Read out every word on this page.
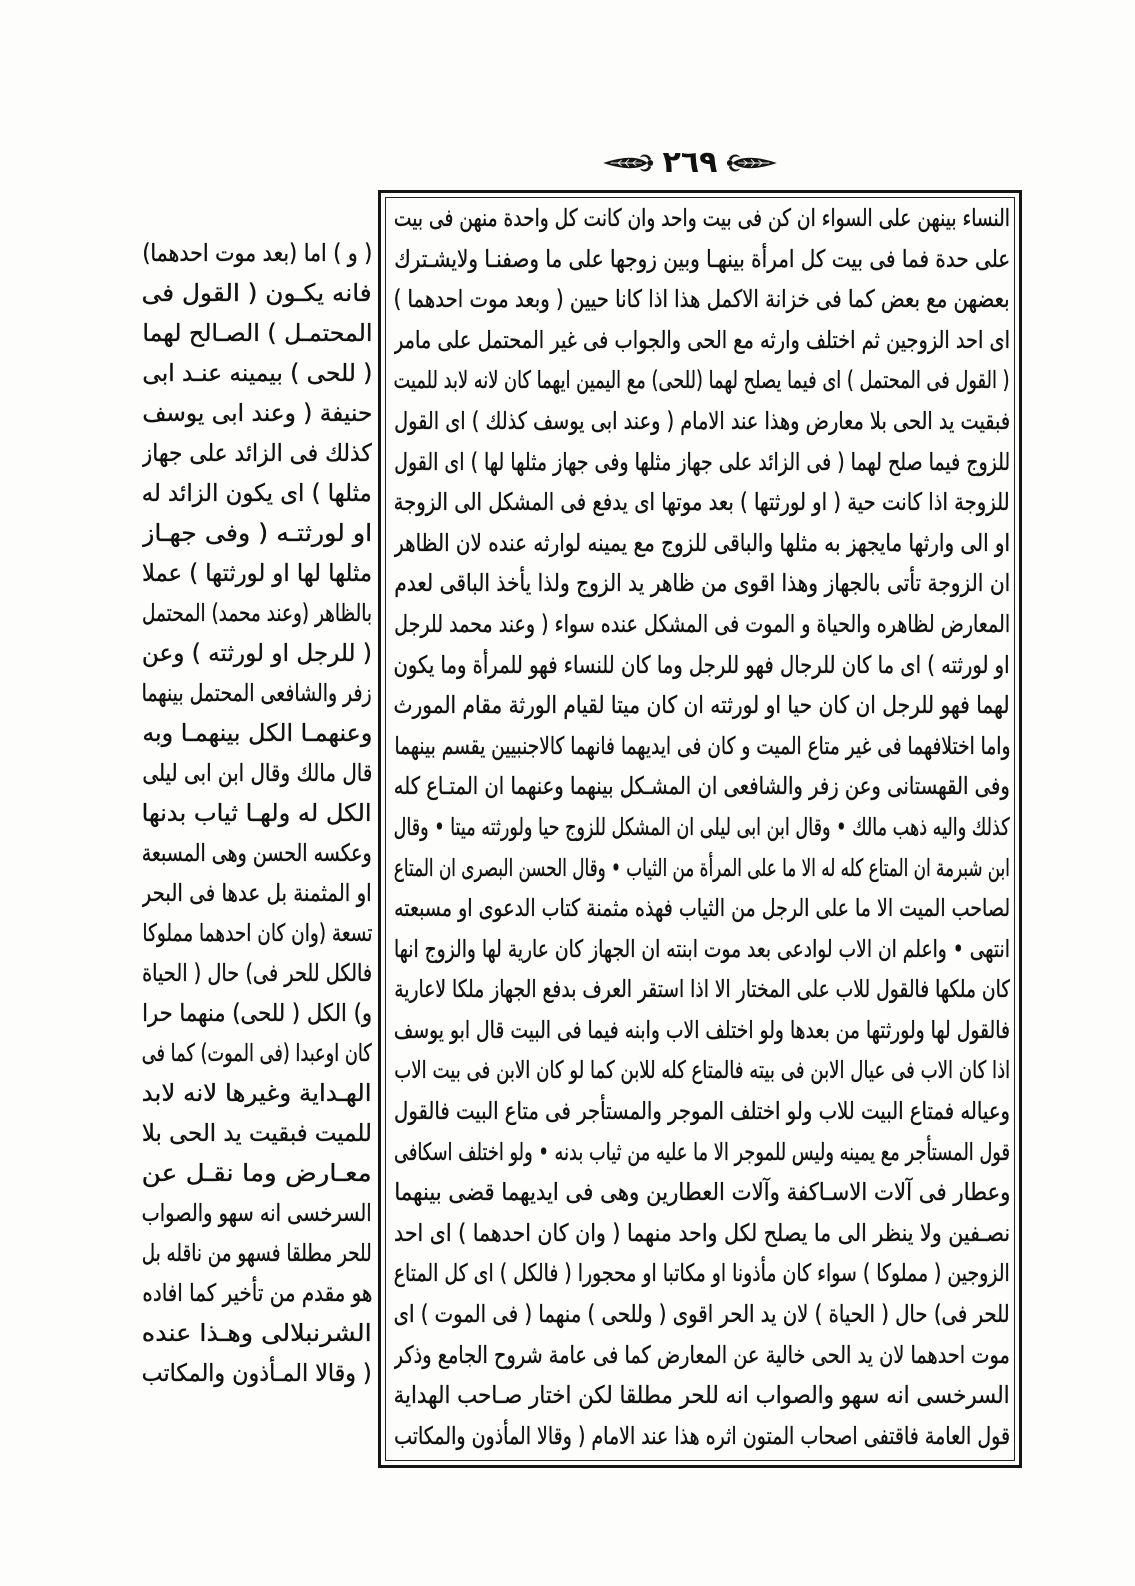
٢٦٩
النساء بينهن على السواء ان كن فى بيت واحد وان كانت كل واحدة منهن فى بيت
على حدة فما فى بيت كل امرأة بينهـا وبين زوجها على ما وصفنـا ولايشـترك
بعضهن مع بعض كما فى خزانة الاكمل هذا اذا كانا حيين ( وبعد موت احدهما )
اى احد الزوجين ثم اختلف وارثه مع الحى والجواب فى غير المحتمل على مامر
( القول فى المحتمل ) اى فيما يصلح لهما (للحى) مع اليمين ايهما كان لانه لابد للميت
فبقيت يد الحى بلا معارض وهذا عند الامام ( وعند ابى يوسف كذلك ) اى القول
للزوج فيما صلح لهما ( فى الزائد على جهاز مثلها وفى جهاز مثلها لها ) اى القول
للزوجة اذا كانت حية ( او لورثتها ) بعد موتها اى يدفع فى المشكل الى الزوجة
او الى وارثها مايجهز به مثلها والباقى للزوج مع يمينه لوارثه عنده لان الظاهر
ان الزوجة تأتى بالجهاز وهذا اقوى من ظاهر يد الزوج ولذا يأخذ الباقى لعدم
المعارض لظاهره والحياة و الموت فى المشكل عنده سواء ( وعند محمد للرجل
او لورثته ) اى ما كان للرجال فهو للرجل وما كان للنساء فهو للمرأة وما يكون
لهما فهو للرجل ان كان حيا او لورثته ان كان ميتا لقيام الورثة مقام المورث
واما اختلافهما فى غير متاع الميت و كان فى ايديهما فانهما كالاجنبيين يقسم بينهما
وفى القهستانى وعن زفر والشافعى ان المشـكل بينهما وعنهما ان المتـاع كله
كذلك واليه ذهب مالك • وقال ابن ابى ليلى ان المشكل للزوج حيا ولورثته ميتا • وقال
ابن شبرمة ان المتاع كله له الا ما على المرأة من الثياب • وقال الحسن البصرى ان المتاع
لصاحب الميت الا ما على الرجل من الثياب فهذه مثمنة كتاب الدعوى او مسبعته
انتهى • واعلم ان الاب لوادعى بعد موت ابنته ان الجهاز كان عارية لها والزوج انها
كان ملكها فالقول للاب على المختار الا اذا استقر العرف بدفع الجهاز ملكا لاعارية
فالقول لها ولورثتها من بعدها ولو اختلف الاب وابنه فيما فى البيت قال ابو يوسف
اذا كان الاب فى عيال الابن فى بيته فالمتاع كله للابن كما لو كان الابن فى بيت الاب
وعياله فمتاع البيت للاب ولو اختلف الموجر والمستأجر فى متاع البيت فالقول
قول المستأجر مع يمينه وليس للموجر الا ما عليه من ثياب بدنه • ولو اختلف اسكافى
وعطار فى آلات الاسـاكفة وآلات العطارين وهى فى ايديهما قضى بينهما
نصـفين ولا ينظر الى ما يصلح لكل واحد منهما ( وان كان احدهما ) اى احد
الزوجين ( مملوكا ) سواء كان مأذونا او مكاتبا او محجورا ( فالكل ) اى كل المتاع
للحر فى) حال ( الحياة ) لان يد الحر اقوى ( وللحى ) منهما ( فى الموت ) اى
موت احدهما لان يد الحى خالية عن المعارض كما فى عامة شروح الجامع وذكر
السرخسى انه سهو والصواب انه للحر مطلقا لكن اختار صـاحب الهداية
قول العامة فاقتفى اصحاب المتون اثره هذا عند الامام ( وقالا المأذون والمكاتب
( و ) اما (بعد موت احدهما)
فانه يكـون ( القول فى
المحتمـل ) الصـالح لهما
( للحى ) بيمينه عنـد ابى
حنيفة ( وعند ابى يوسف
كذلك فى الزائد على جهاز
مثلها ) اى يكون الزائد له
او لورثتـه ( وفى جهـاز
مثلها لها او لورثتها ) عملا
بالظاهر (وعند محمد) المحتمل
( للرجل او لورثته ) وعن
زفر والشافعى المحتمل بينهما
وعنهمـا الكل بينهمـا وبه
قال مالك وقال ابن ابى ليلى
الكل له ولهـا ثياب بدنها
وعكسه الحسن وهى المسبعة
او المثمنة بل عدها فى البحر
تسعة (وان كان احدهما مملوكا
فالكل للحر فى) حال ( الحياة
و) الكل ( للحى) منهما حرا
كان اوعبدا (فى الموت) كما فى
الهـداية وغيرها لانه لابد
للميت فبقيت يد الحى بلا
معـارض وما نقـل عن
السرخسى انه سهو والصواب
للحر مطلقا فسهو من ناقله بل
هو مقدم من تأخير كما افاده
الشرنبلالى وهـذا عنده
( وقالا المـأذون والمكاتب
